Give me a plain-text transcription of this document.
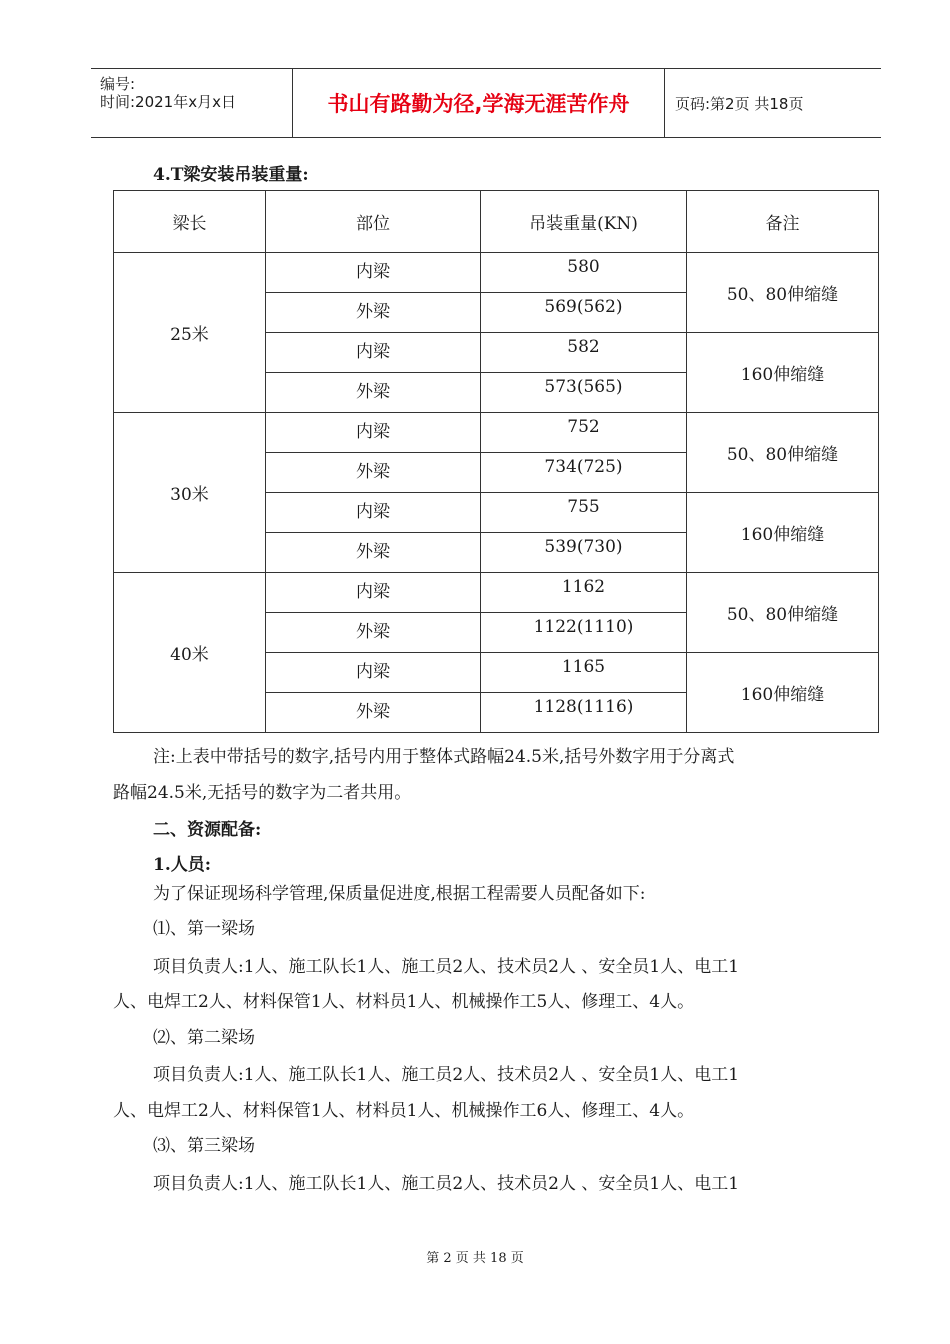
编号:
时间:2021年x月x日	书山有路勤为径,学海无涯苦作舟	页码:第2页 共18页
4.T梁安装吊装重量:
梁长	部位	吊装重量(KN)	备注
25米	内梁	580	50、80伸缩缝
	外梁	569(562)	
	内梁	582	160伸缩缝
	外梁	573(565)	
30米	内梁	752	50、80伸缩缝
	外梁	734(725)	
	内梁	755	160伸缩缝
	外梁	539(730)	
40米	内梁	1162	50、80伸缩缝
	外梁	1122(1110)	
	内梁	1165	160伸缩缝
	外梁	1128(1116)	
注:上表中带括号的数字,括号内用于整体式路幅24.5米,括号外数字用于分离式
路幅24.5米,无括号的数字为二者共用。
二、资源配备:
1.人员:
为了保证现场科学管理,保质量促进度,根据工程需要人员配备如下:
⑴、第一梁场
项目负责人:1人、施工队长1人、施工员2人、技术员2人 、安全员1人、电工1
人、电焊工2人、材料保管1人、材料员1人、机械操作工5人、修理工、4人。
⑵、第二梁场
项目负责人:1人、施工队长1人、施工员2人、技术员2人 、安全员1人、电工1
人、电焊工2人、材料保管1人、材料员1人、机械操作工6人、修理工、4人。
⑶、第三梁场
项目负责人:1人、施工队长1人、施工员2人、技术员2人 、安全员1人、电工1
第 2 页 共 18 页
